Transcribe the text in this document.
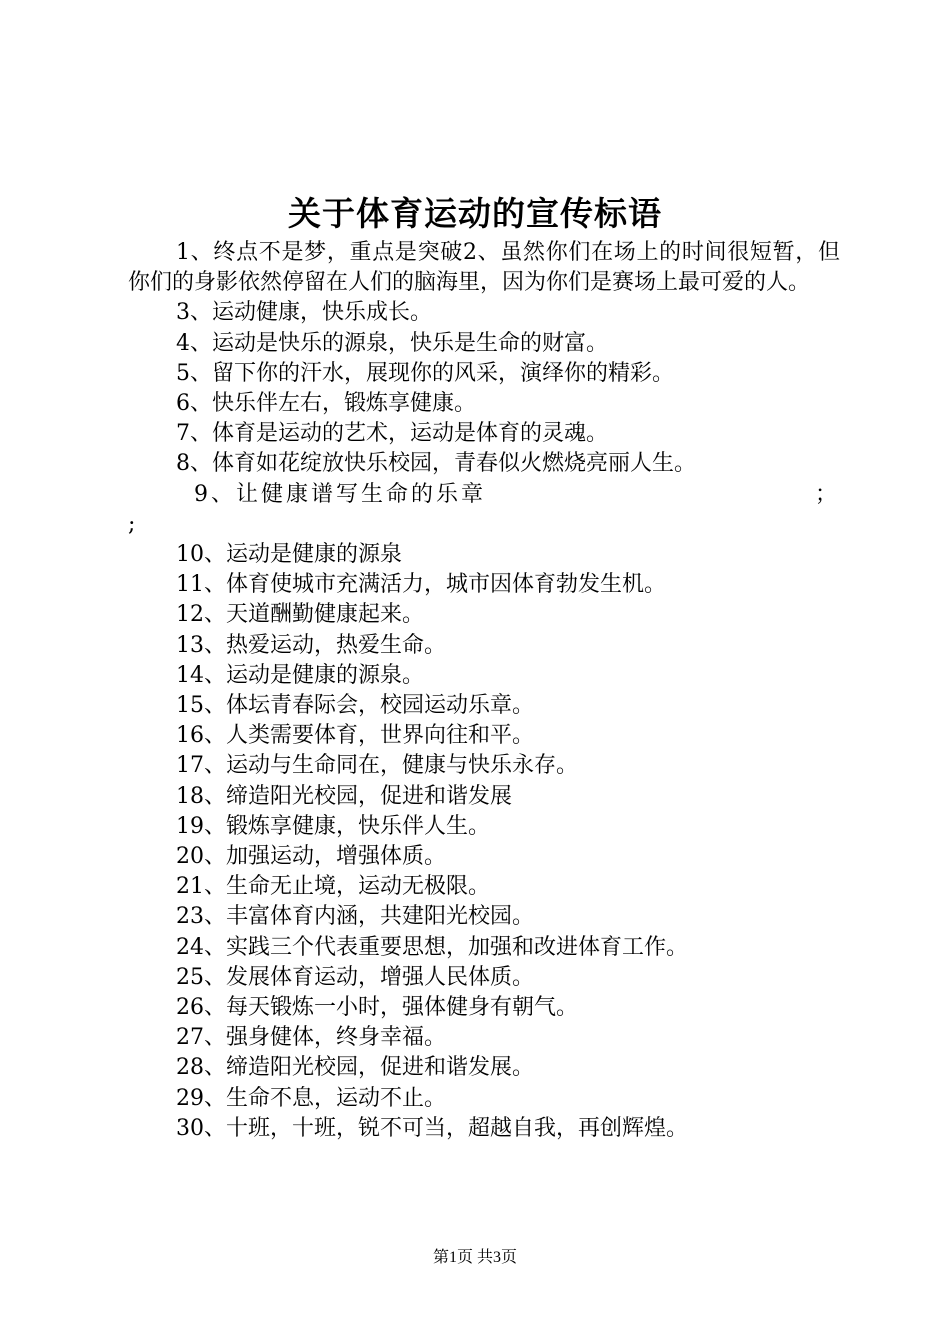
关于体育运动的宣传标语

1、终点不是梦，重点是突破2、虽然你们在场上的时间很短暂，但你们的身影依然停留在人们的脑海里，因为你们是赛场上最可爱的人。

3、运动健康，快乐成长。

4、运动是快乐的源泉，快乐是生命的财富。

5、留下你的汗水，展现你的风采，演绎你的精彩。

6、快乐伴左右，锻炼享健康。

7、体育是运动的艺术，运动是体育的灵魂。

8、体育如花绽放快乐校园，青春似火燃烧亮丽人生。

9、让健康谱写生命的乐章	；

;

10、运动是健康的源泉

11、体育使城市充满活力，城市因体育勃发生机。

12、天道酬勤健康起来。

13、热爱运动，热爱生命。

14、运动是健康的源泉。

15、体坛青春际会，校园运动乐章。

16、人类需要体育，世界向往和平。

17、运动与生命同在，健康与快乐永存。

18、缔造阳光校园，促进和谐发展

19、锻炼享健康，快乐伴人生。

20、加强运动，增强体质。

21、生命无止境，运动无极限。

23、丰富体育内涵，共建阳光校园。

24、实践三个代表重要思想，加强和改进体育工作。

25、发展体育运动，增强人民体质。

26、每天锻炼一小时，强体健身有朝气。

27、强身健体，终身幸福。

28、缔造阳光校园，促进和谐发展。

29、生命不息，运动不止。

30、十班，十班，锐不可当，超越自我，再创辉煌。

第1页 共3页
